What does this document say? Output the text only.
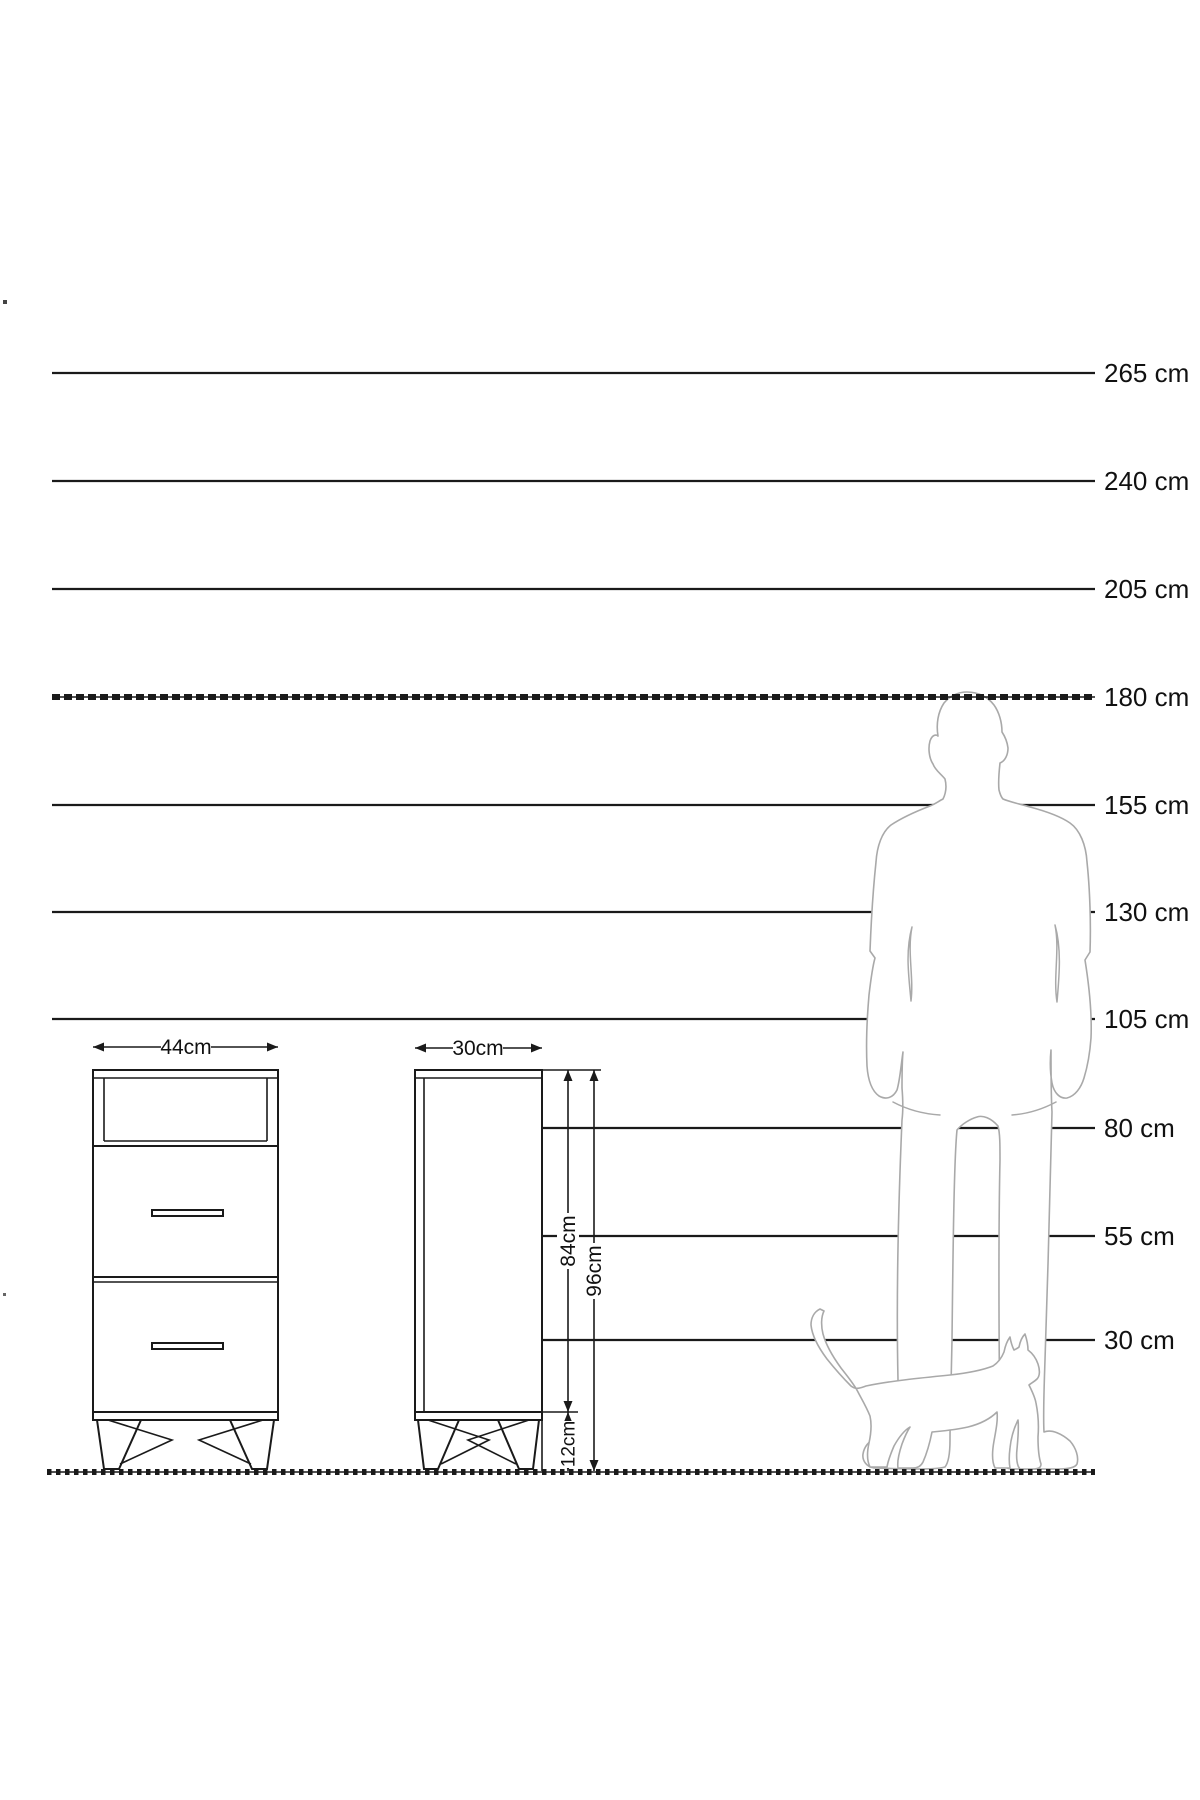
44cm	30cm
84cm
12cm
96cm
265 cm
240 cm
205 cm
180 cm
155 cm
130 cm
105 cm
80 cm
55 cm
30 cm
